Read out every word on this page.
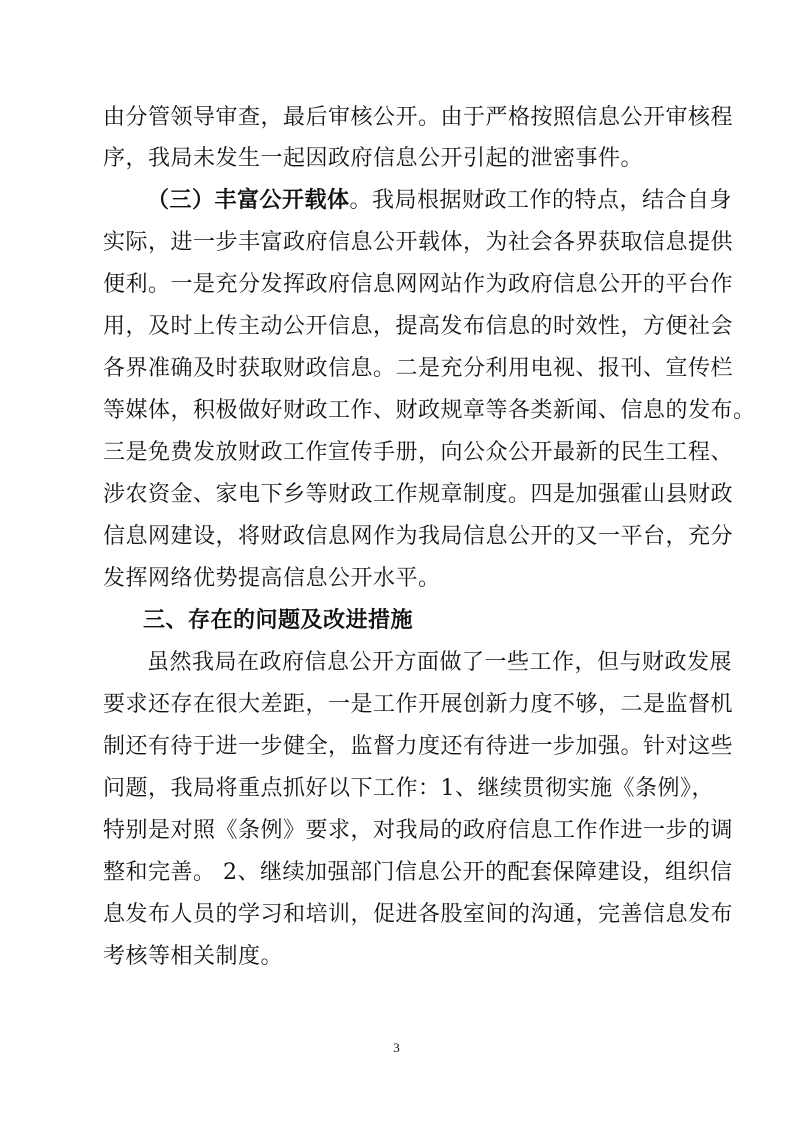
由分管领导审查，最后审核公开。由于严格按照信息公开审核程
序，我局未发生一起因政府信息公开引起的泄密事件。
（三）丰富公开载体。我局根据财政工作的特点，结合自身
实际，进一步丰富政府信息公开载体，为社会各界获取信息提供
便利。一是充分发挥政府信息网网站作为政府信息公开的平台作
用，及时上传主动公开信息，提高发布信息的时效性，方便社会
各界准确及时获取财政信息。二是充分利用电视、报刊、宣传栏
等媒体，积极做好财政工作、财政规章等各类新闻、信息的发布。
三是免费发放财政工作宣传手册，向公众公开最新的民生工程、
涉农资金、家电下乡等财政工作规章制度。四是加强霍山县财政
信息网建设，将财政信息网作为我局信息公开的又一平台，充分
发挥网络优势提高信息公开水平。
三、存在的问题及改进措施
虽然我局在政府信息公开方面做了一些工作，但与财政发展
要求还存在很大差距，一是工作开展创新力度不够，二是监督机
制还有待于进一步健全，监督力度还有待进一步加强。针对这些
问题，我局将重点抓好以下工作：1、继续贯彻实施《条例》，
特别是对照《条例》要求，对我局的政府信息工作作进一步的调
整和完善。 2、继续加强部门信息公开的配套保障建设，组织信
息发布人员的学习和培训，促进各股室间的沟通，完善信息发布
考核等相关制度。
3
